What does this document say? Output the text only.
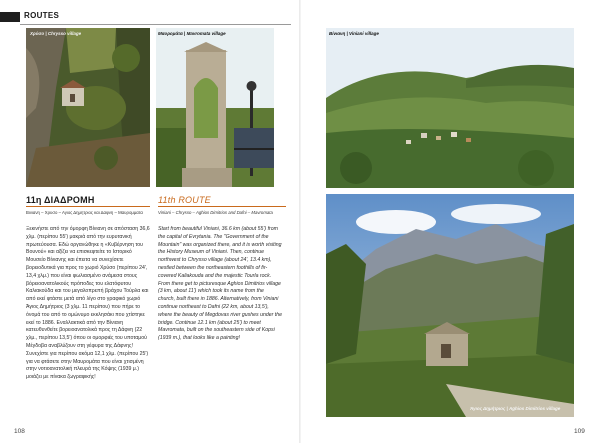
ROUTES
Χρύσο | Chrysso village	Μαυρομάτα | Mavromata village
11η ΔΙΑΔΡΟΜΗ
Βινιανη – Χρυσο – Αγιος Δημητριος και Δαφνη – Μαυρομματα
Ξεκινήστε από την όμορφη Βίνιανη σε απόσταση 36,6 χλμ. (περίπου 55') μακριά από την ευρυτανική πρωτεύουσα. Εδώ οργανώθηκε η «Κυβέρνηση του Βουνού» και αξίζει να επισκεφτείτε το Ιστορικό Μουσείο Βίνιανης και έπειτα να συνεχίσετε βορειοδυτικά για προς το χωριό Χρύσο (περίπου 24', 13,4 χλμ.) που είναι φωλιασμένο ανάμεσα στους βόρειοανατολικούς πρόποδες του ελατόφυτου Καλιακούδα και του μεγαλοπρεπή βράχου Τούρλα και από εκεί φτάστε μετά από λίγο στο γραφικό χωριό Άγιος Δημήτριος (3 χλμ. 11 περίπου) που πήρε το όνομά του από το ομώνυμο εκκλησάκι που χτίστηκε εκεί το 1886. Εναλλακτικά από την Βίνιανη κατευθυνθείτε βορειοανατολικά προς τη Δάφνη (22 χλμ., περίπου 13,5') όπου οι ομορφιές του υποταμού Μέγδοβα αναβλύζουν στη γέφυρα της Δάφνης! Συνεχίστε για περίπου ακόμα 12,1 χλμ. (περίπου 25') για να φτάσετε στην Μαυρομάτα που είναι χτισμένη στην νοτιοανατολική πλευρά της Κόψης (1939 μ.) μοιάζει με πίνακα ζωγραφικής!
11th ROUTE
Viniani – Chrysso – Aghios Dimitrios and Dafni – Mavromata
Start from beautiful Viniani, 36.6 km (about 55') from the capital of Evrytania. The "Government of the Mountain" was organized there, and it is worth visiting the History Museum of Viniani. Then, continue northwest to Chrysso village (about 24', 13.4 km), nestled between the northeastern foothills of fir-covered Kaliakouda and the majestic Tourla rock. From there get to picturesque Aghios Dimitrios village (3 km, about 11') which took its name from the church, built there in 1886. Alternatively, from Viniani continue northeast to Dafni (22 km, about 13,5'), where the beauty of Megdovas river gushes under the bridge. Continue 12.1 km (about 25') to meet Mavromata, built on the southeastern side of Kopsi (1939 m.), that looks like a painting!
Βίνιανη | Viniani village
Άγιος Δημήτριος | Aghios Dimitrios village
108	109
